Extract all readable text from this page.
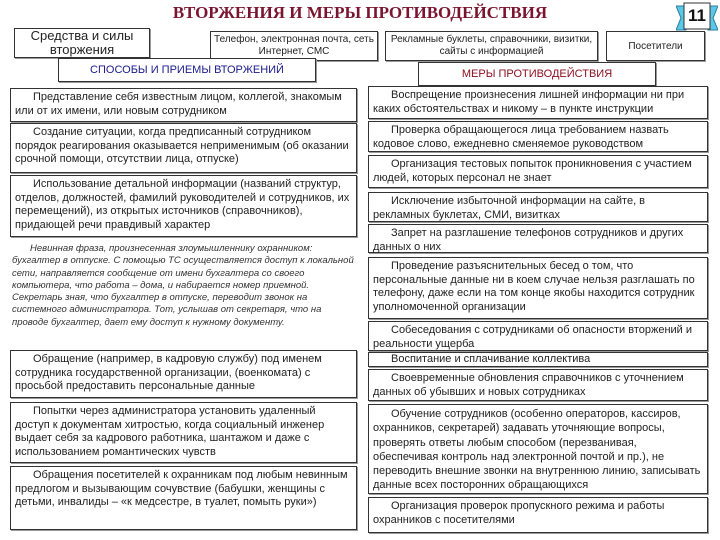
ВТОРЖЕНИЯ И МЕРЫ ПРОТИВОДЕЙСТВИЯ	11
Средства и силы вторжения
Телефон, электронная почта, сеть Интернет, СМС
Рекламные буклеты, справочники, визитки, сайты с информацией	Посетители
СПОСОБЫ И ПРИЕМЫ ВТОРЖЕНИЙ	МЕРЫ ПРОТИВОДЕЙСТВИЯ
Представление себя известным лицом, коллегой, знакомым или от их имени, или новым сотрудником
Создание ситуации, когда предписанный сотрудником порядок реагирования оказывается неприменимым (об оказании срочной помощи, отсутствии лица, отпуске)
Использование детальной информации (названий структур, отделов, должностей, фамилий руководителей и сотрудников, их перемещений), из открытых источников (справочников), придающей речи правдивый характер
Невинная фраза, произнесенная злоумышленнику охранником: бухгалтер в отпуске. С помощью ТС осуществляется доступ к локальной сети, направляется сообщение от имени бухгалтера со своего компьютера, что работа – дома, и набирается номер приемной. Секретарь зная, что бухгалтер в отпуске, переводит звонок на системного администратора. Тот, услышав от секретаря, что на проводе бухгалтер, дает ему доступ к нужному документу.
Обращение (например, в кадровую службу) под именем сотрудника государственной организации, (военкомата) с просьбой предоставить персональные данные
Попытки через администратора установить удаленный доступ к документам хитростью, когда социальный инженер выдает себя за кадрового работника, шантажом и даже с использованием романтических чувств
Обращения посетителей к охранникам под любым невинным предлогом и вызывающим сочувствие (бабушки, женщины с детьми, инвалиды – «к медсестре, в туалет, помыть руки»)
Воспрещение произнесения лишней информации ни при каких обстоятельствах и никому – в пункте инструкции
Проверка обращающегося лица требованием назвать кодовое слово, ежедневно сменяемое руководством
Организация тестовых попыток проникновения с участием людей, которых персонал не знает
Исключение избыточной информации на сайте, в рекламных буклетах, СМИ, визитках
Запрет на разглашение телефонов сотрудников и других данных о них
Проведение разъяснительных бесед о том, что персональные данные ни в коем случае нельзя разглашать по телефону, даже если на том конце якобы находится сотрудник уполномоченной организации
Собеседования с сотрудниками об опасности вторжений и реальности ущерба
Воспитание и сплачивание коллектива
Своевременные обновления справочников с уточнением данных об убывших и новых сотрудниках
Обучение сотрудников (особенно операторов, кассиров, охранников, секретарей) задавать уточняющие вопросы, проверять ответы любым способом (перезванивая, обеспечивая контроль над электронной почтой и пр.), не переводить внешние звонки на внутреннюю линию, записывать данные всех посторонних обращающихся
Организация проверок пропускного режима и работы охранников с посетителями
